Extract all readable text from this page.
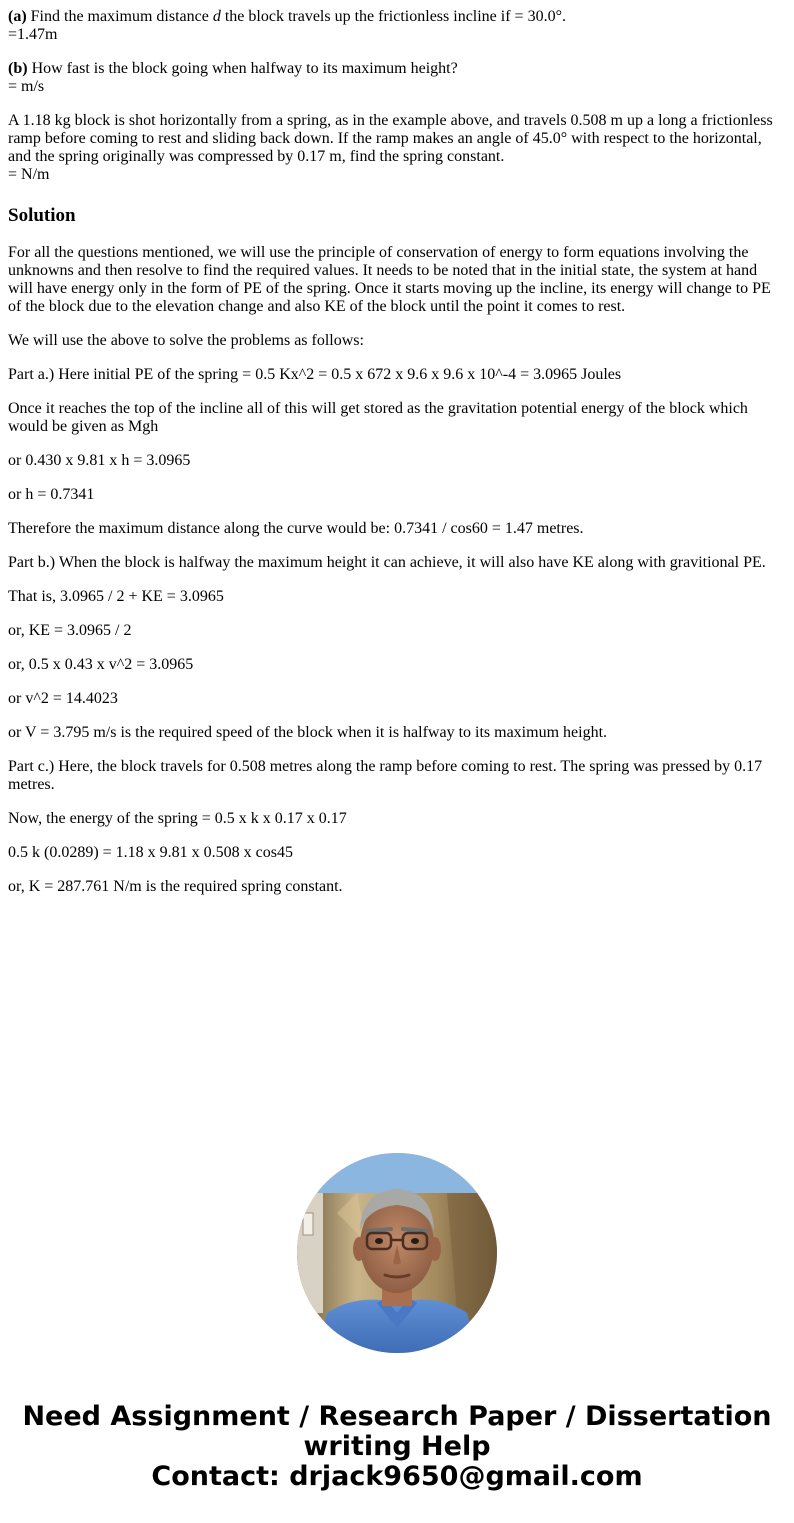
(a) Find the maximum distance d the block travels up the frictionless incline if = 30.0°.
=1.47m
(b) How fast is the block going when halfway to its maximum height?
= m/s
A 1.18 kg block is shot horizontally from a spring, as in the example above, and travels 0.508 m up a long a frictionless ramp before coming to rest and sliding back down. If the ramp makes an angle of 45.0° with respect to the horizontal, and the spring originally was compressed by 0.17 m, find the spring constant.
= N/m
Solution

For all the questions mentioned, we will use the principle of conservation of energy to form equations involving the unknowns and then resolve to find the required values. It needs to be noted that in the initial state, the system at hand will have energy only in the form of PE of the spring. Once it starts moving up the incline, its energy will change to PE of the block due to the elevation change and also KE of the block until the point it comes to rest.

We will use the above to solve the problems as follows:

Part a.) Here initial PE of the spring = 0.5 Kx^2 = 0.5 x 672 x 9.6 x 9.6 x 10^-4 = 3.0965 Joules

Once it reaches the top of the incline all of this will get stored as the gravitation potential energy of the block which would be given as Mgh

or 0.430 x 9.81 x h = 3.0965

or h = 0.7341

Therefore the maximum distance along the curve would be: 0.7341 / cos60 = 1.47 metres.

Part b.) When the block is halfway the maximum height it can achieve, it will also have KE along with gravitional PE.

That is, 3.0965 / 2 + KE = 3.0965

or, KE = 3.0965 / 2

or, 0.5 x 0.43 x v^2 = 3.0965

or v^2 = 14.4023

or V = 3.795 m/s is the required speed of the block when it is halfway to its maximum height.

Part c.) Here, the block travels for 0.508 metres along the ramp before coming to rest. The spring was pressed by 0.17 metres.

Now, the energy of the spring = 0.5 x k x 0.17 x 0.17

0.5 k (0.0289) = 1.18 x 9.81 x 0.508 x cos45

or, K = 287.761 N/m is the required spring constant.

Need Assignment / Research Paper / Dissertation writing Help
Contact: drjack9650@gmail.com
